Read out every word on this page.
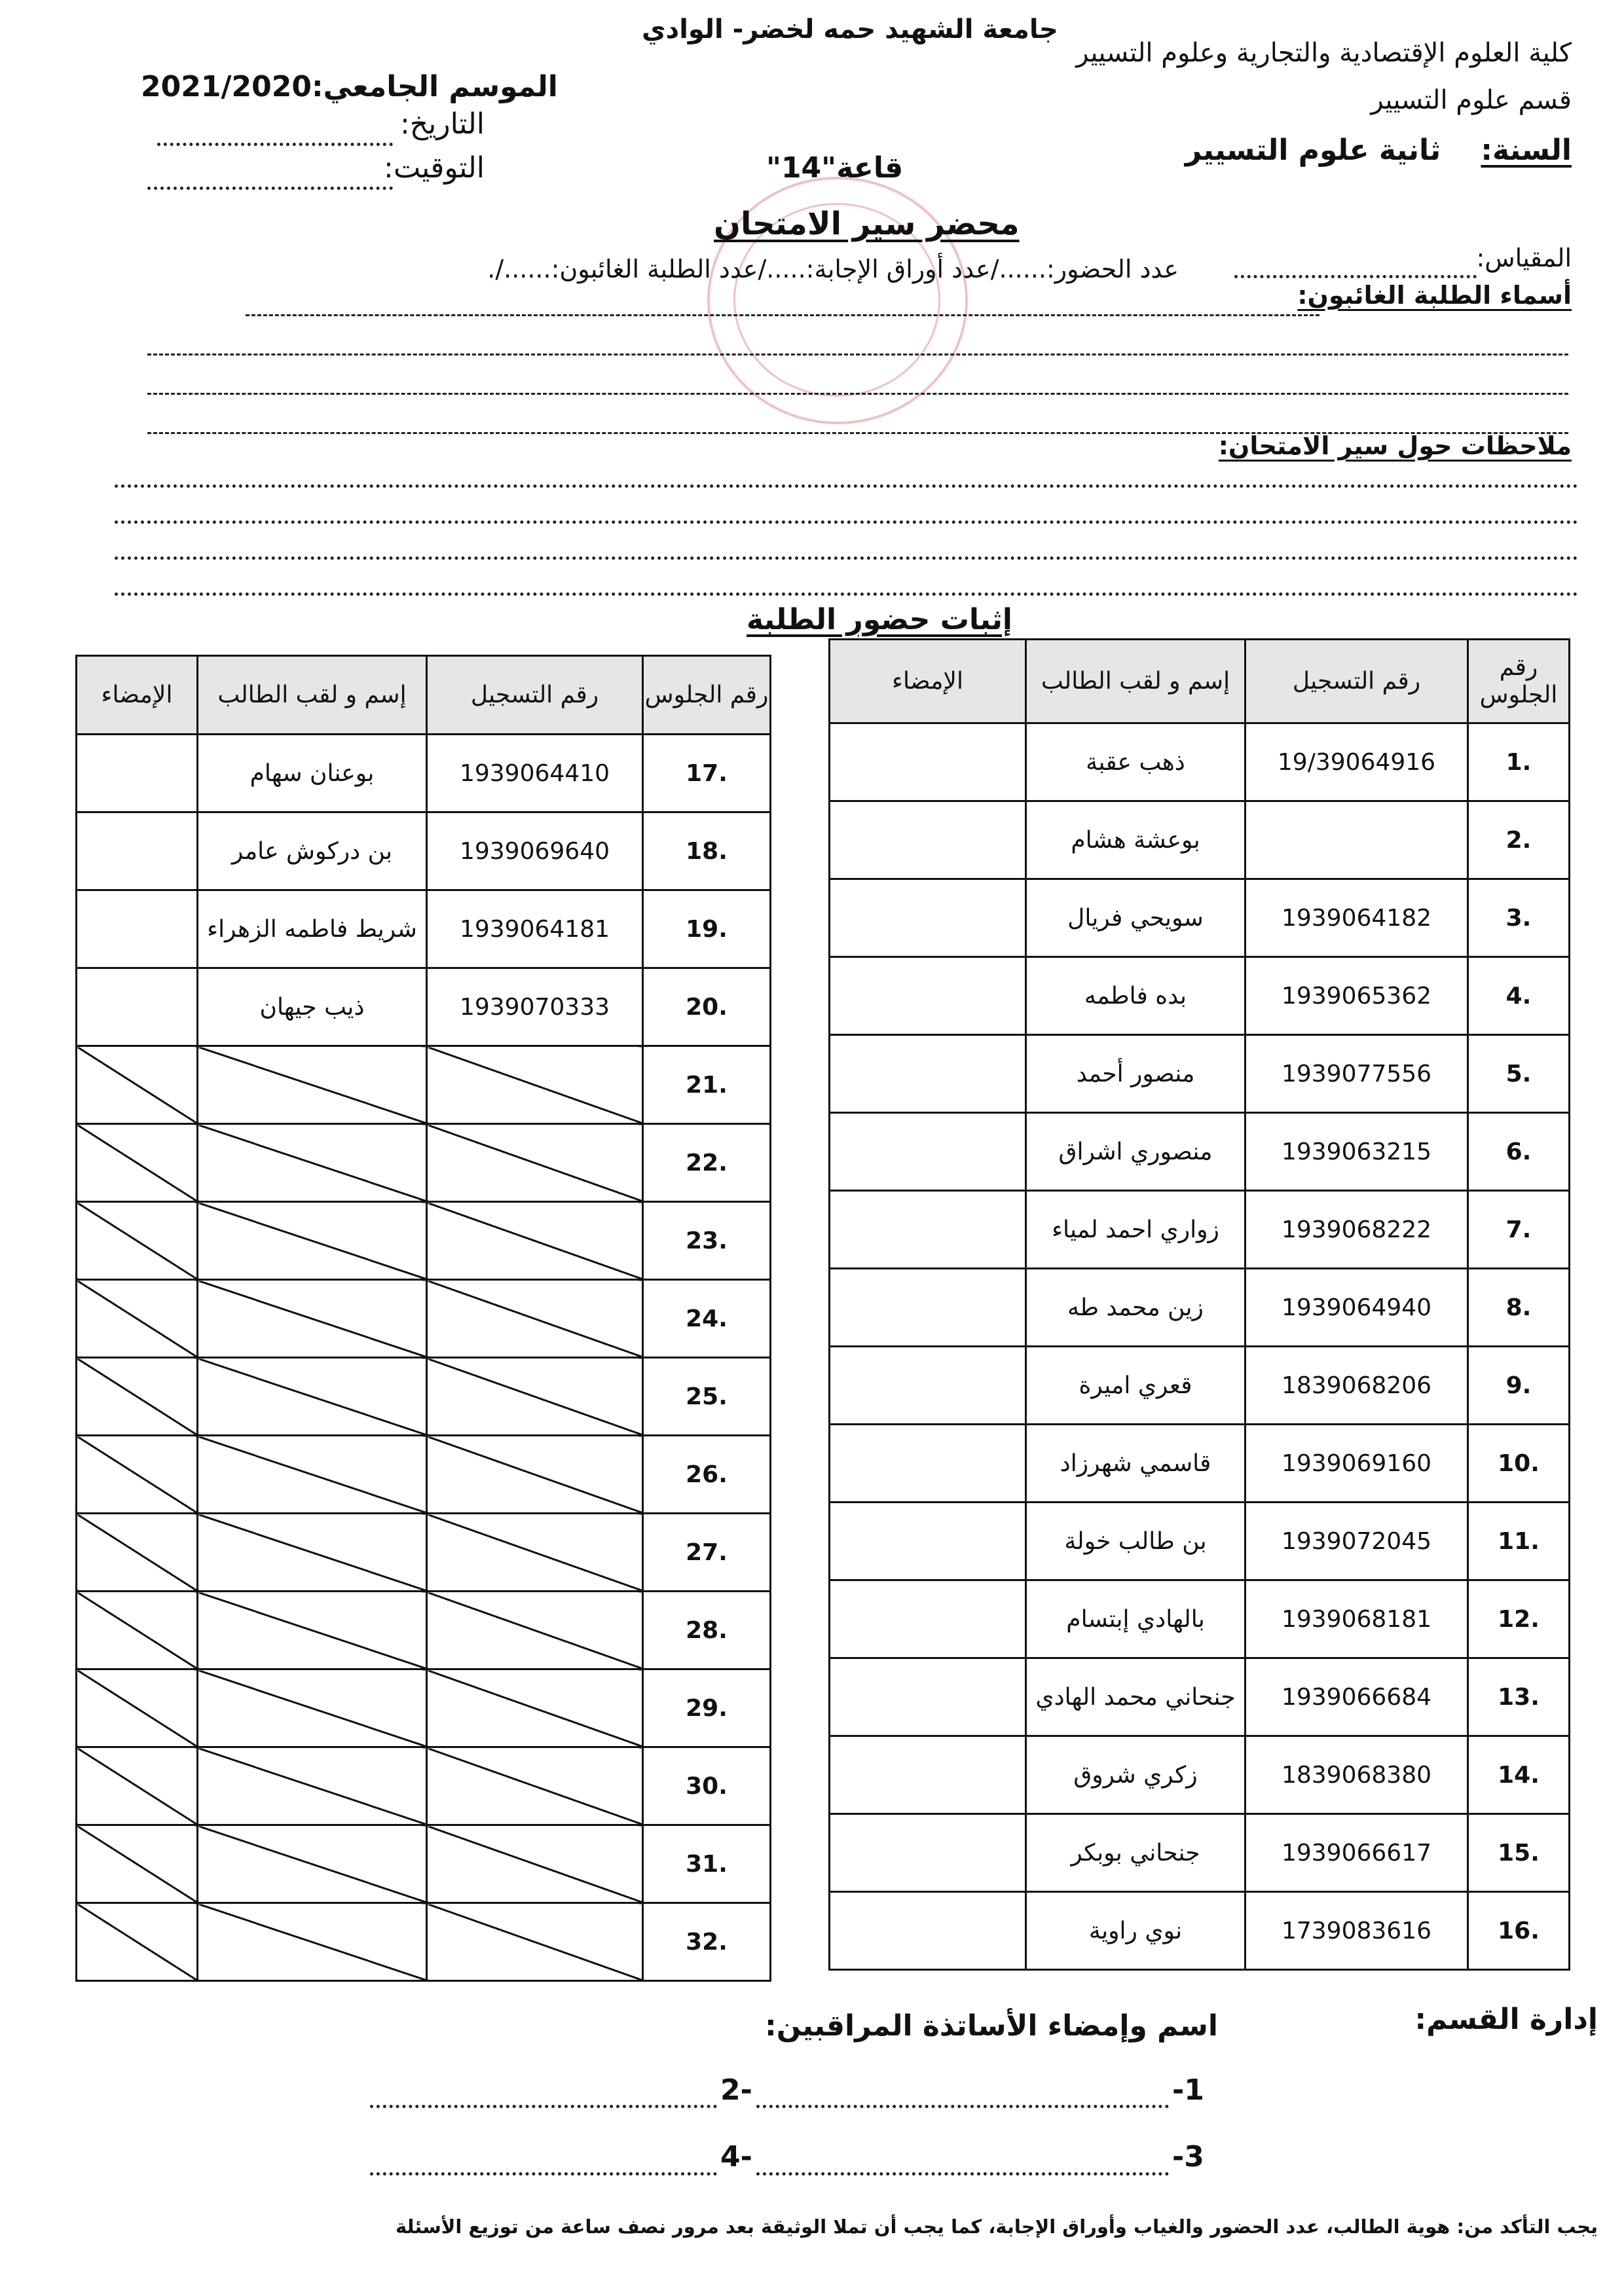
جامعة الشهيد حمه لخضر- الوادي
كلية العلوم الإقتصادية والتجارية وعلوم التسيير
قسم علوم التسيير
السنة:    ثانية علوم التسيير
الموسم الجامعي:2021/2020
التاريخ:
التوقيت:	قاعة"14"
محضر سير الامتحان
المقياس:
عدد الحضور:....../عدد أوراق الإجابة:...../عدد الطلبة الغائبون:....../.
أسماء الطلبة الغائبون:
ملاحظات حول سير الامتحان:
إثبات حضور الطلبة
رقم الجلوس	رقم التسجيل	إسم و لقب الطالب	الإمضاء
1.	19/39064916	ذهب عقبة	
2.		بوعشة هشام	
3.	1939064182	سويحي فريال	
4.	1939065362	بده فاطمه	
5.	1939077556	منصور أحمد	
6.	1939063215	منصوري اشراق	
7.	1939068222	زواري احمد لمياء	
8.	1939064940	زين محمد طه	
9.	1839068206	قعري اميرة	
10.	1939069160	قاسمي شهرزاد	
11.	1939072045	بن طالب خولة	
12.	1939068181	بالهادي إبتسام	
13.	1939066684	جنحاني محمد الهادي	
14.	1839068380	زكري شروق	
15.	1939066617	جنحاني بوبكر	
16.	1739083616	نوي راوية	
رقم الجلوس	رقم التسجيل	إسم و لقب الطالب	الإمضاء
17.	1939064410	بوعنان سهام	
18.	1939069640	بن دركوش عامر	
19.	1939064181	شريط فاطمه الزهراء	
20.	1939070333	ذيب جيهان	
21.			
22.			
23.			
24.			
25.			
26.			
27.			
28.			
29.			
30.			
31.			
32.			
إدارة القسم:
اسم وإمضاء الأساتذة المراقبين:
1-
-2
3-
-4
يجب التأكد من: هوية الطالب، عدد الحضور والغياب وأوراق الإجابة، كما يجب أن تملا الوثيقة بعد مرور نصف ساعة من توزيع الأسئلة
